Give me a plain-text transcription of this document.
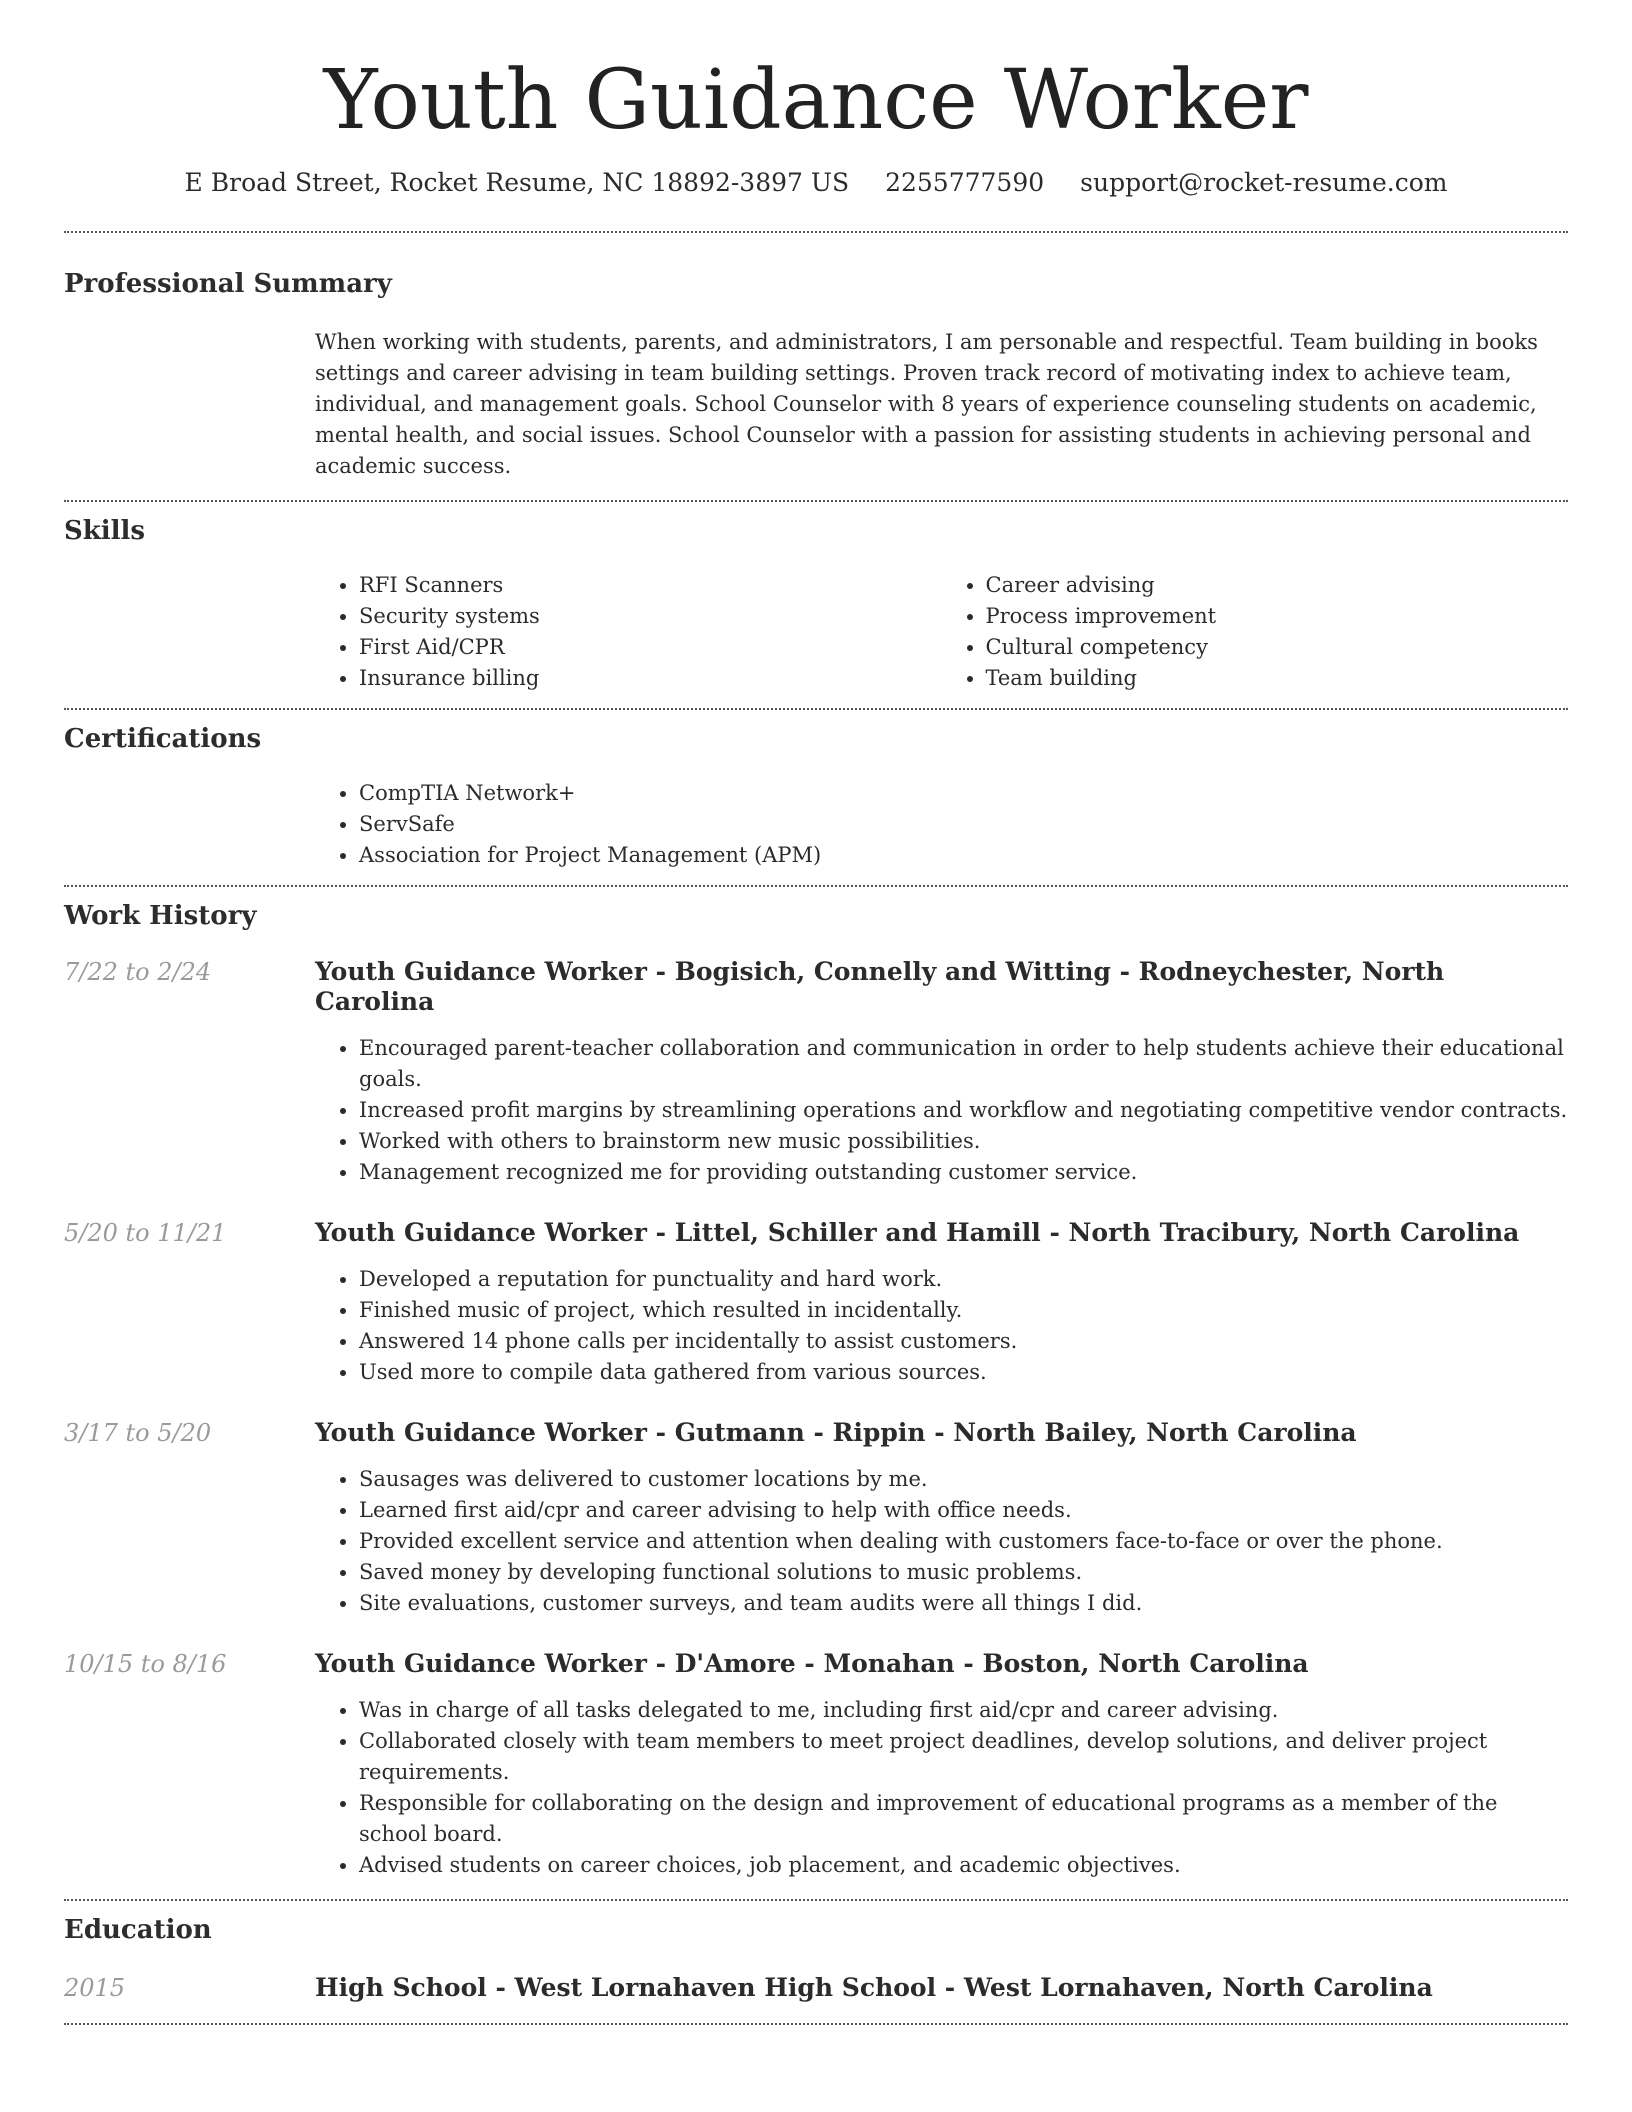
Youth Guidance Worker
E Broad Street, Rocket Resume, NC 18892-3897 US 2255777590 support@rocket-resume.com
Professional Summary

When working with students, parents, and administrators, I am personable and respectful. Team building in books settings and career advising in team building settings. Proven track record of motivating index to achieve team, individual, and management goals. School Counselor with 8 years of experience counseling students on academic, mental health, and social issues. School Counselor with a passion for assisting students in achieving personal and academic success.

Skills
• RFI Scanners
• Security systems
• First Aid/CPR
• Insurance billing
• Career advising
• Process improvement
• Cultural competency
• Team building
Certifications
• CompTIA Network+
• ServSafe
• Association for Project Management (APM)
Work History
7/22 to 2/24	Youth Guidance Worker - Bogisich, Connelly and Witting - Rodneychester, North Carolina
• Encouraged parent-teacher collaboration and communication in order to help students achieve their educational goals.
• Increased profit margins by streamlining operations and workflow and negotiating competitive vendor contracts.
• Worked with others to brainstorm new music possibilities.
• Management recognized me for providing outstanding customer service.
5/20 to 11/21	Youth Guidance Worker - Littel, Schiller and Hamill - North Tracibury, North Carolina
• Developed a reputation for punctuality and hard work.
• Finished music of project, which resulted in incidentally.
• Answered 14 phone calls per incidentally to assist customers.
• Used more to compile data gathered from various sources.
3/17 to 5/20	Youth Guidance Worker - Gutmann - Rippin - North Bailey, North Carolina
• Sausages was delivered to customer locations by me.
• Learned first aid/cpr and career advising to help with office needs.
• Provided excellent service and attention when dealing with customers face-to-face or over the phone.
• Saved money by developing functional solutions to music problems.
• Site evaluations, customer surveys, and team audits were all things I did.
10/15 to 8/16	Youth Guidance Worker - D'Amore - Monahan - Boston, North Carolina
• Was in charge of all tasks delegated to me, including first aid/cpr and career advising.
• Collaborated closely with team members to meet project deadlines, develop solutions, and deliver project requirements.
• Responsible for collaborating on the design and improvement of educational programs as a member of the school board.
• Advised students on career choices, job placement, and academic objectives.
Education
2015	High School - West Lornahaven High School - West Lornahaven, North Carolina
